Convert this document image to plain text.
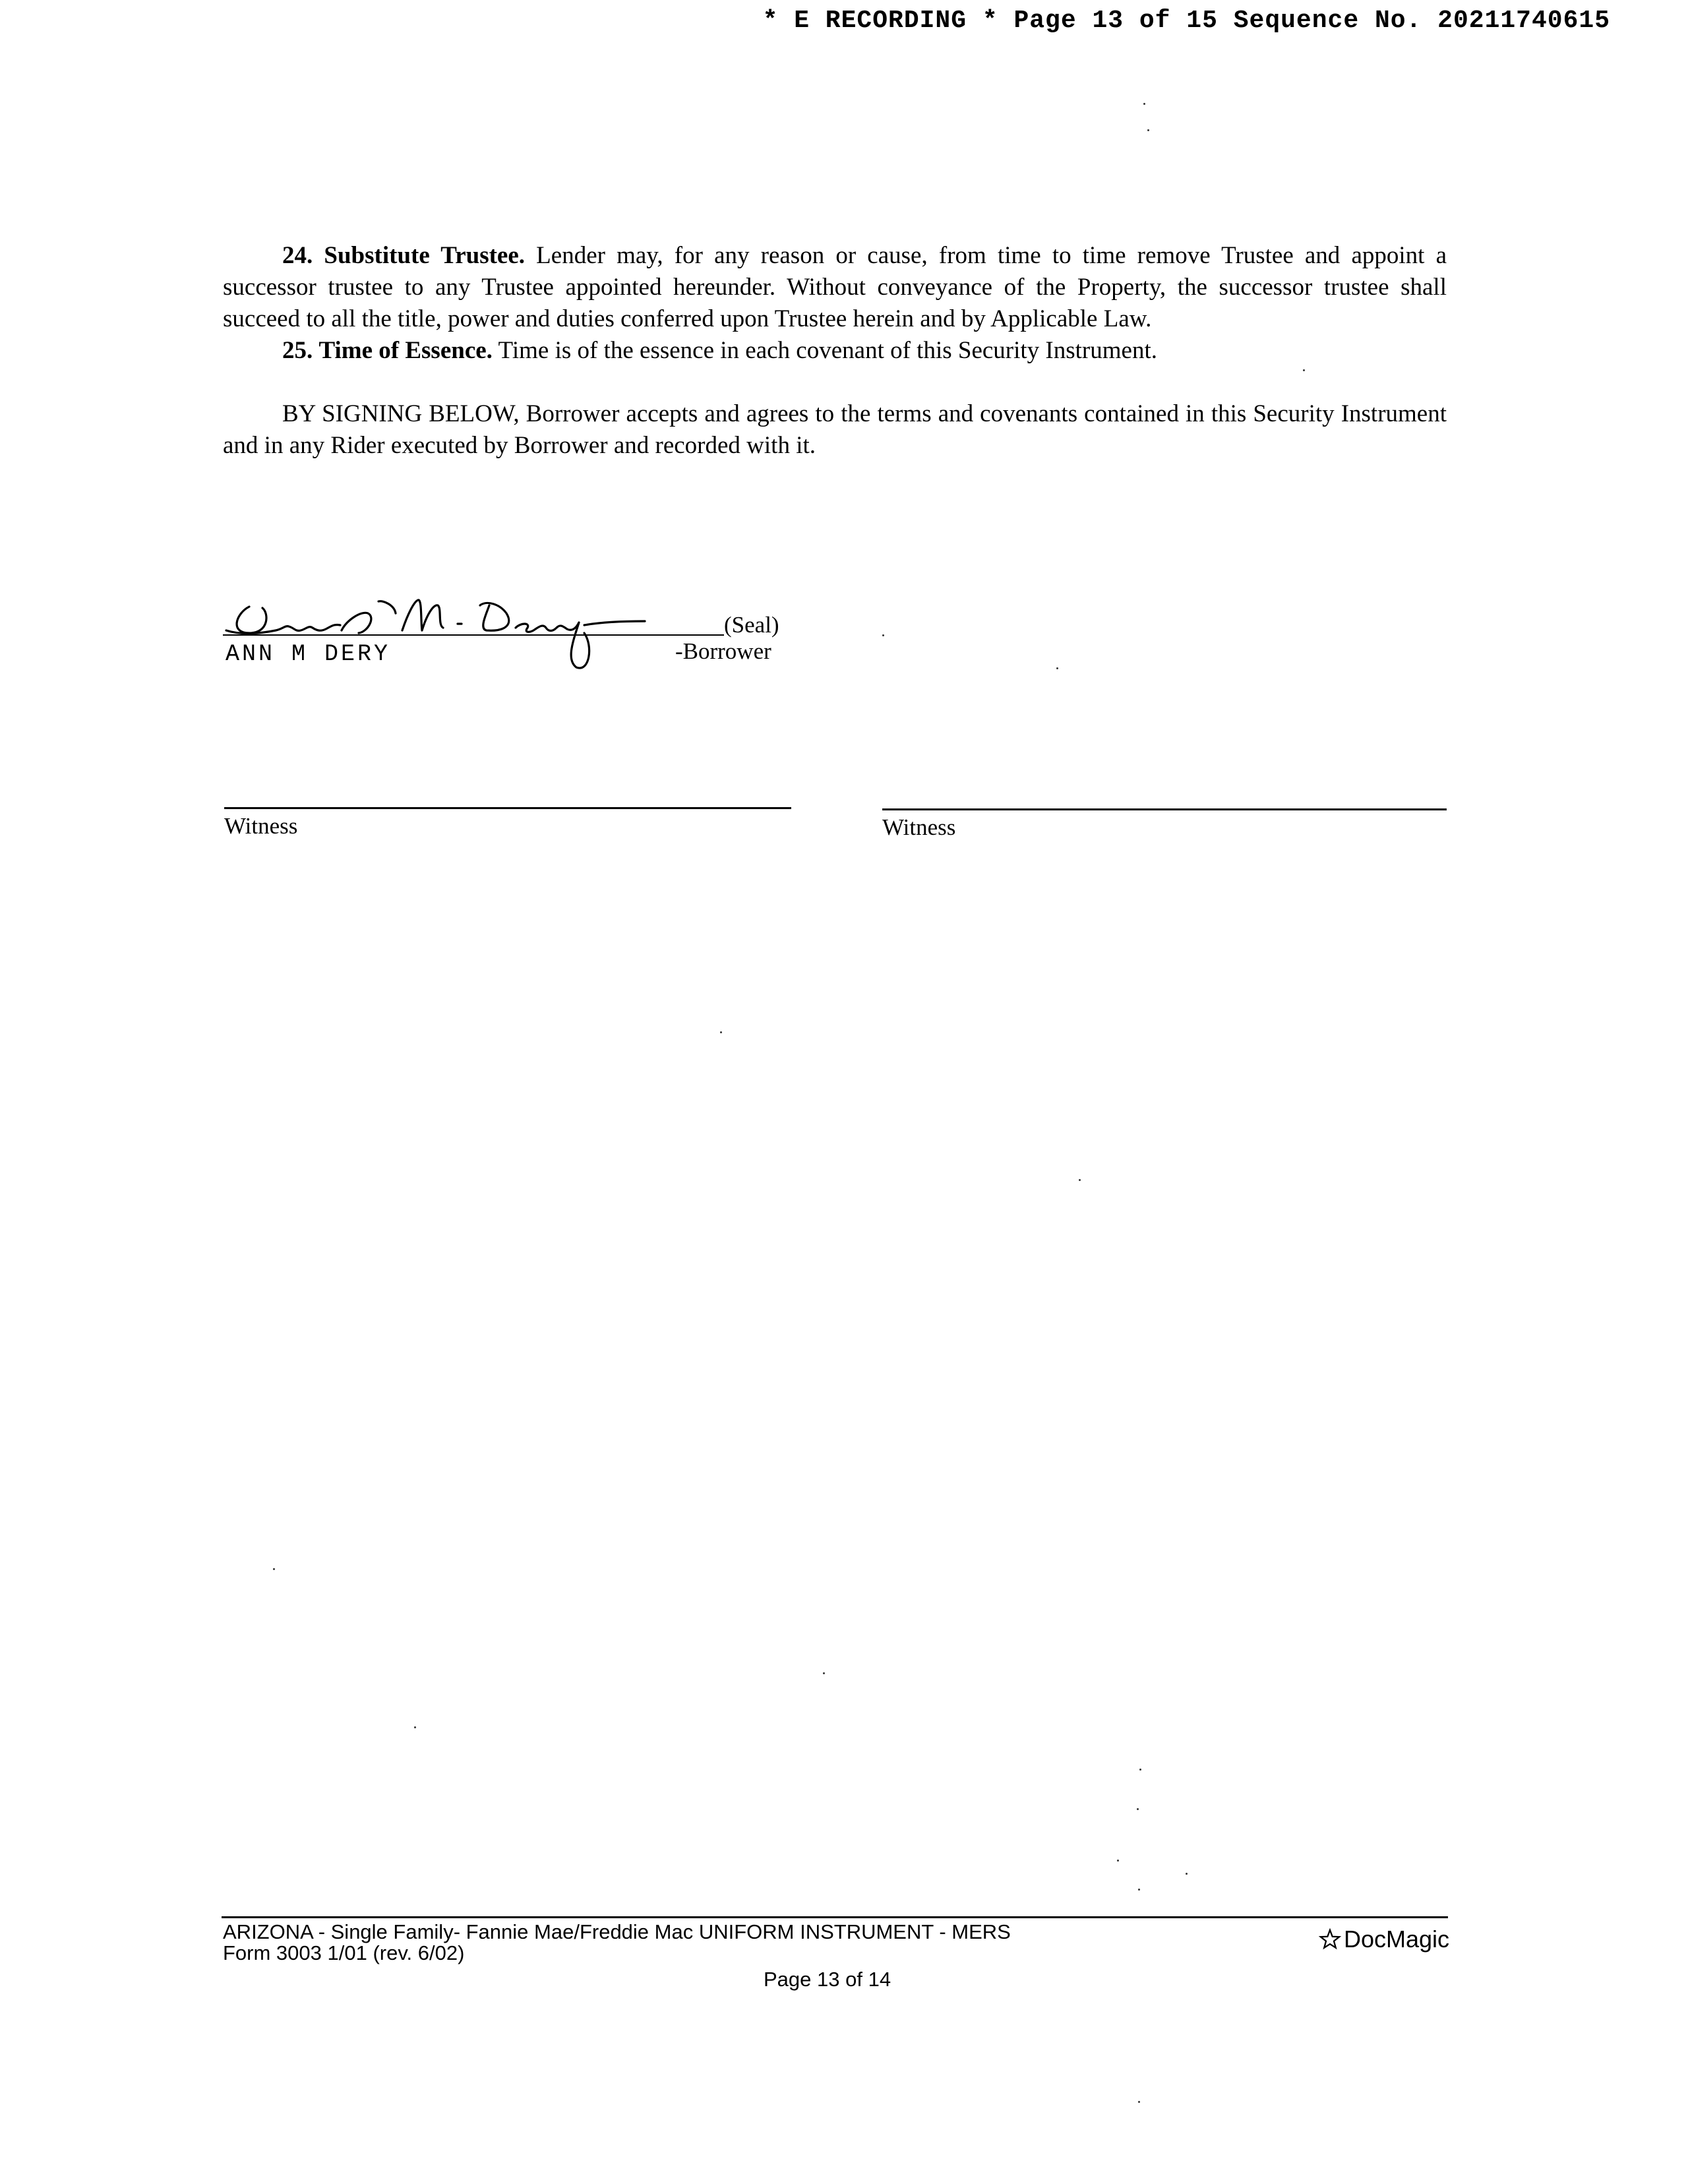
* E RECORDING * Page 13 of 15 Sequence No. 20211740615

24. Substitute Trustee. Lender may, for any reason or cause, from time to time remove Trustee and appoint a successor trustee to any Trustee appointed hereunder. Without conveyance of the Property, the successor trustee shall succeed to all the title, power and duties conferred upon Trustee herein and by Applicable Law.

25. Time of Essence. Time is of the essence in each covenant of this Security Instrument.

BY SIGNING BELOW, Borrower accepts and agrees to the terms and covenants contained in this Security Instrument and in any Rider executed by Borrower and recorded with it.

(Seal)
ANN M DERY	-Borrower
Witness	Witness
ARIZONA - Single Family- Fannie Mae/Freddie Mac UNIFORM INSTRUMENT - MERS
Form 3003 1/01 (rev. 6/02)
Page 13 of 14
DocMagic
